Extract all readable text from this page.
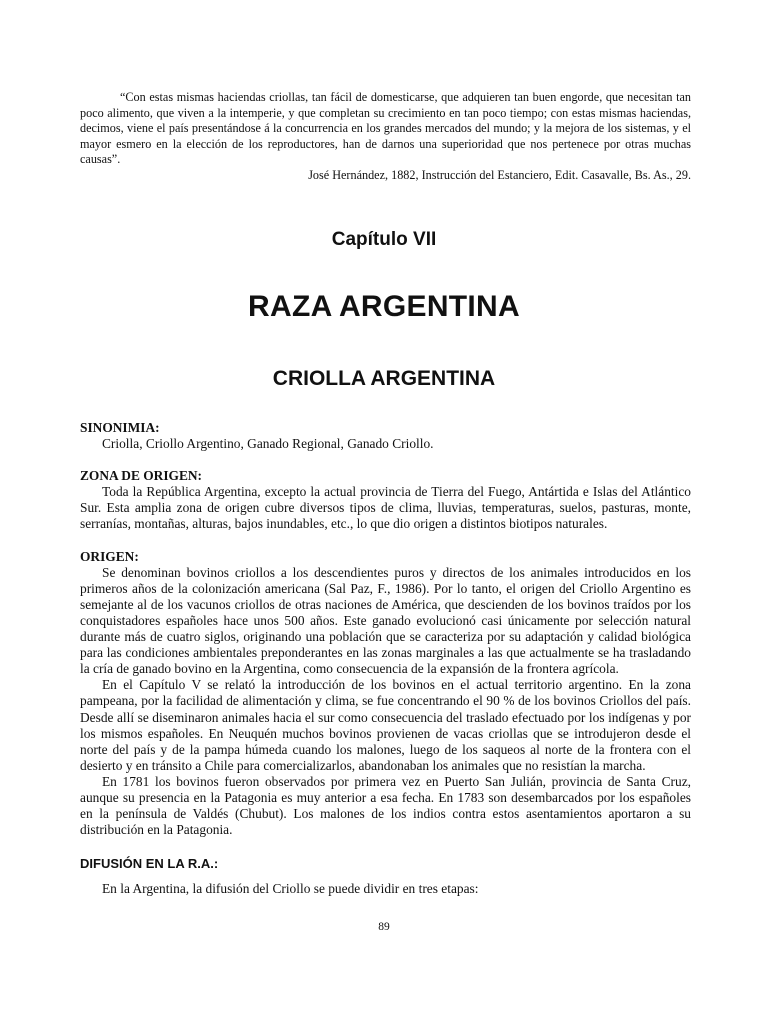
“Con estas mismas haciendas criollas, tan fácil de domesticarse, que adquieren tan buen engorde, que necesitan tan poco alimento, que viven a la intemperie, y que completan su crecimiento en tan poco tiempo; con estas mismas haciendas, decimos, viene el país presentándose á la concurrencia en los grandes mercados del mundo; y la mejora de los sistemas, y el mayor esmero en la elección de los reproductores, han de darnos una superioridad que nos pertenece por otras muchas causas”.

José Hernández, 1882, Instrucción del Estanciero, Edit. Casavalle, Bs. As., 29.

Capítulo VII
RAZA ARGENTINA
CRIOLLA ARGENTINA
SINONIMIA:

Criolla, Criollo Argentino, Ganado Regional, Ganado Criollo.

ZONA DE ORIGEN:

Toda la República Argentina, excepto la actual provincia de Tierra del Fuego, Antártida e Islas del Atlántico Sur. Esta amplia zona de origen cubre diversos tipos de clima, lluvias, temperaturas, suelos, pasturas, monte, serranías, montañas, alturas, bajos inundables, etc., lo que dio origen a distintos biotipos naturales.

ORIGEN:

Se denominan bovinos criollos a los descendientes puros y directos de los animales introducidos en los primeros años de la colonización americana (Sal Paz, F., 1986). Por lo tanto, el origen del Criollo Argentino es semejante al de los vacunos criollos de otras naciones de América, que descienden de los bovinos traídos por los conquistadores españoles hace unos 500 años. Este ganado evolucionó casi únicamente por selección natural durante más de cuatro siglos, originando una población que se caracteriza por su adaptación y calidad biológica para las condiciones ambientales preponderantes en las zonas marginales a las que actualmente se ha trasladando la cría de ganado bovino en la Argentina, como consecuencia de la expansión de la frontera agrícola.

En el Capítulo V se relató la introducción de los bovinos en el actual territorio argentino. En la zona pampeana, por la facilidad de alimentación y clima, se fue concentrando el 90 % de los bovinos Criollos del país. Desde allí se diseminaron animales hacia el sur como consecuencia del traslado efectuado por los indígenas y por los mismos españoles. En Neuquén muchos bovinos provienen de vacas criollas que se introdujeron desde el norte del país y de la pampa húmeda cuando los malones, luego de los saqueos al norte de la frontera con el desierto y en tránsito a Chile para comercializarlos, abandonaban los animales que no resistían la marcha.

En 1781 los bovinos fueron observados por primera vez en Puerto San Julián, provincia de Santa Cruz, aunque su presencia en la Patagonia es muy anterior a esa fecha. En 1783 son desembarcados por los españoles en la península de Valdés (Chubut). Los malones de los indios contra estos asentamientos aportaron a su distribución en la Patagonia.

DIFUSIÓN EN LA R.A.:

En la Argentina, la difusión del Criollo se puede dividir en tres etapas:

89
